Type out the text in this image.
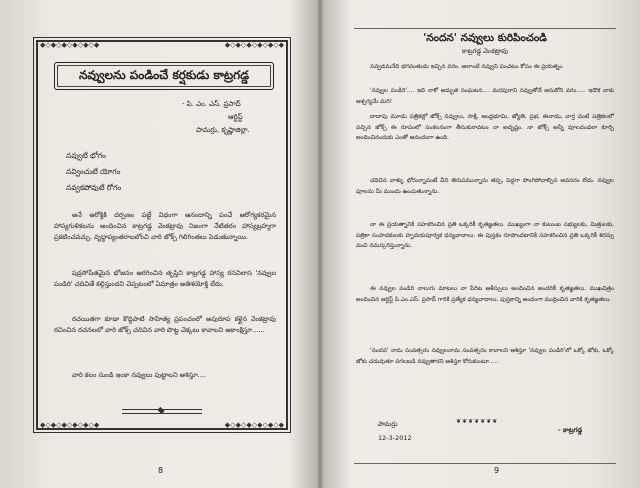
◆◇◆◇◆◇◆◇◆◇◆	◆◇◆◇◆◇◆◇◆◇◆
◆◇◆◇◆◇◆◇◆◇◆	◆◇◆◇◆◇◆◇◆◇◆
నవ్వులను పండించే కర్షకుడు కాట్రగడ్డ
- పి. ఎం. ఎస్. ప్రసాద్
ఆర్టిస్ట్
పామర్రు, కృష్ణాజిల్లా.
నవ్వుటే భోగం
నవ్వించుటే యోగం
నవ్వకపోవుటే రోగం
అనే ఆరోక్తికి దర్పణం పట్టే విధంగా ఆనందాన్ని పంచే ఆరోగ్యకరమైన హాస్యగుళికలను అందించిన కాట్రగడ్డ వెంకట్రావు నిజంగా నేటితరం హాస్యబ్రహ్మగా ప్రకటించవచ్చు. వృద్ధాప్యంతరాలలోంచి వారి జోక్స్ గిలిగింతలు పెడుతున్నాయి.
షడ్రసోపేతమైన భోజనం ఆరగించిన తృప్తిని కాట్రగడ్డ హాస్య రసవిలాస 'నవ్వుల పండిరి' చదివితే కల్గిస్తుందని చెప్పటంలో ఏమాత్రం అతిశయోక్తి లేదు.
రచయితగా కూడా కొద్దిపాటి సాహిత్య ప్రపంచంలో అపురూప కళ్లైన వెంకట్రావు రచించిన రచనలలో వారి జోక్స్ చదివిన వారి పొట్ట చెక్కలు కావాలని ఆకాంక్షిస్తూ......
వారి కలం నుండి ఇంకా నవ్వులు పుట్టాలని ఆశిస్తూ....
8
'నందన' నవ్వులు కురిపించండి
కాట్రగడ్డ వెంకట్రావు
నవ్వడమనేది భగవంతుడు ఇచ్చిన వరం. అలాంటి నవ్వుని పంచటం కోసం ఈ ప్రయత్నం.
'నవ్వుల పండిరి'.... ఇది నాకో అద్భుత సంఘటన.... మరపురాని నవ్వుతోనే ఆనుకోని వరం..... ఇదొక నాకు ఆశ్చర్యమే మరి!
దాదాపు మూడు పత్రికల్లో జోక్స్ నవ్వులు, సాక్షి, ఆంధ్రభూమి, జ్యోతి, ప్రభ, ఈనాడు, వార్త వంటి పత్రికలలో వచ్చిన జోక్స్ ఈ రూపంలో సంకలనంగా తీసుకురావటం నా అదృష్టం. నా జోక్స్ అన్నీ పూలదండలా కూర్చి అందించినందుకు ఎంతో ఆనందంగా ఉంది.
చదివిన వాళ్ళు భోరున్నావంటే వీని తిరుపమున్నాను తప్ప, పెద్దగా పొంగిపోవాల్సిన అవసరం లేదు. నవ్వుల పూలను మీ ముందు ఉంచుతున్నాను.
నా ఈ ప్రయత్నానికి సహకరించిన ప్రతి ఒక్కరికీ కృతజ్ఞతలు. ముఖ్యంగా నా కుటుంబ సభ్యులకు, మిత్రులకు, పత్రికా సంపాదకులకు హృదయపూర్వక ధన్యవాదాలు. ఈ పుస్తకం రూపొందటానికి సహకరించిన ప్రతి ఒక్కరికీ శిరస్సు వంచి నమస్కరిస్తున్నాను.
ఈ నవ్వుల పండిరి నాలుగు మాటలు నా పేరిట ఆశీస్సులు అందించిన అందరికీ కృతజ్ఞతలు. ముఖచిత్రం అందించిన ఆర్టిస్ట్ పి.ఎం.ఎస్. ప్రసాద్ గారికి ప్రత్యేక ధన్యవాదాలు. పుస్తకాన్ని అందంగా ముద్రించిన వారికి కృతజ్ఞతలు.
'నందన' నామ సంవత్సరం నవ్వులనామ సంవత్సరం కావాలని ఆశిస్తూ 'నవ్వుల పండిరి'లో ఒక్కో జోకు, ఒక్కో జోకు చదువుతూ పగలబడి నవ్వుతారని ఆశిస్తూ కోరుకుంటూ.....
❦❦❦❦❦❦❦
పామర్రు
12-3-2012
- కాట్రగడ్డ
9
